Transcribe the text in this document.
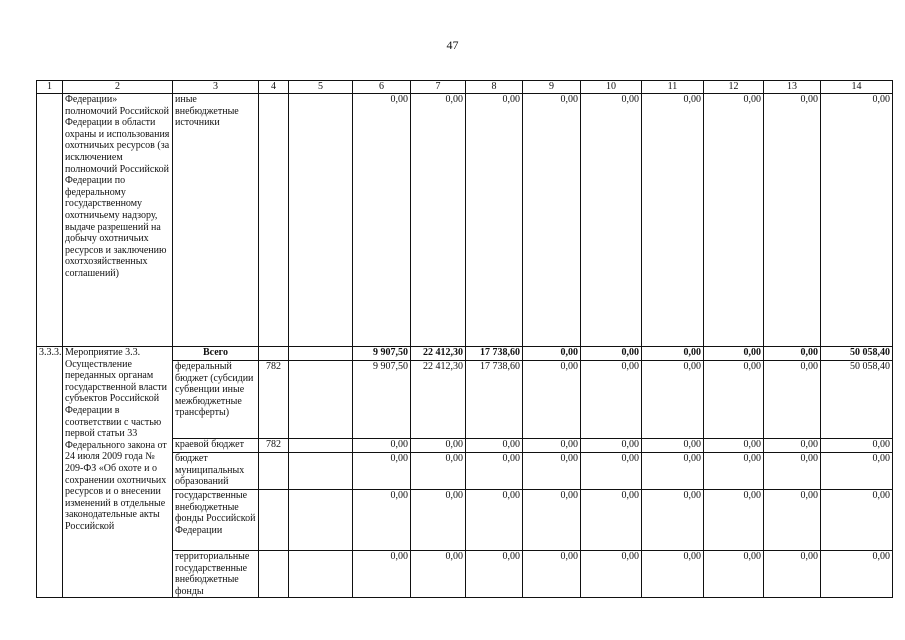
47
1	2	3	4	5	6	7	8	9	10	11	12	13	14
	Федерации» полномочий Российской Федерации в области охраны и использования охотничьих ресурсов (за исключением полномочий Российской Федерации по федеральному государственному охотничьему надзору, выдаче разрешений на добычу охотничьих ресурсов и заключению охотхозяйственных соглашений)	иные внебюджетные источники			0,00	0,00	0,00	0,00	0,00	0,00	0,00	0,00	0,00
3.3.3.	Мероприятие 3.3. Осуществление переданных органам государственной власти субъектов Российской Федерации в соответствии с частью первой статьи 33 Федерального закона от 24 июля 2009 года № 209-ФЗ «Об охоте и о сохранении охотничьих ресурсов и о внесении изменений в отдельные законодательные акты Российской	Всего			9 907,50	22 412,30	17 738,60	0,00	0,00	0,00	0,00	0,00	50 058,40
		федеральный бюджет (субсидии субвенции иные межбюджетные трансферты)	782		9 907,50	22 412,30	17 738,60	0,00	0,00	0,00	0,00	0,00	50 058,40
		краевой бюджет	782		0,00	0,00	0,00	0,00	0,00	0,00	0,00	0,00	0,00
		бюджет муниципальных образований			0,00	0,00	0,00	0,00	0,00	0,00	0,00	0,00	0,00
		государственные внебюджетные фонды Российской Федерации			0,00	0,00	0,00	0,00	0,00	0,00	0,00	0,00	0,00
		территориальные государственные внебюджетные фонды			0,00	0,00	0,00	0,00	0,00	0,00	0,00	0,00	0,00
